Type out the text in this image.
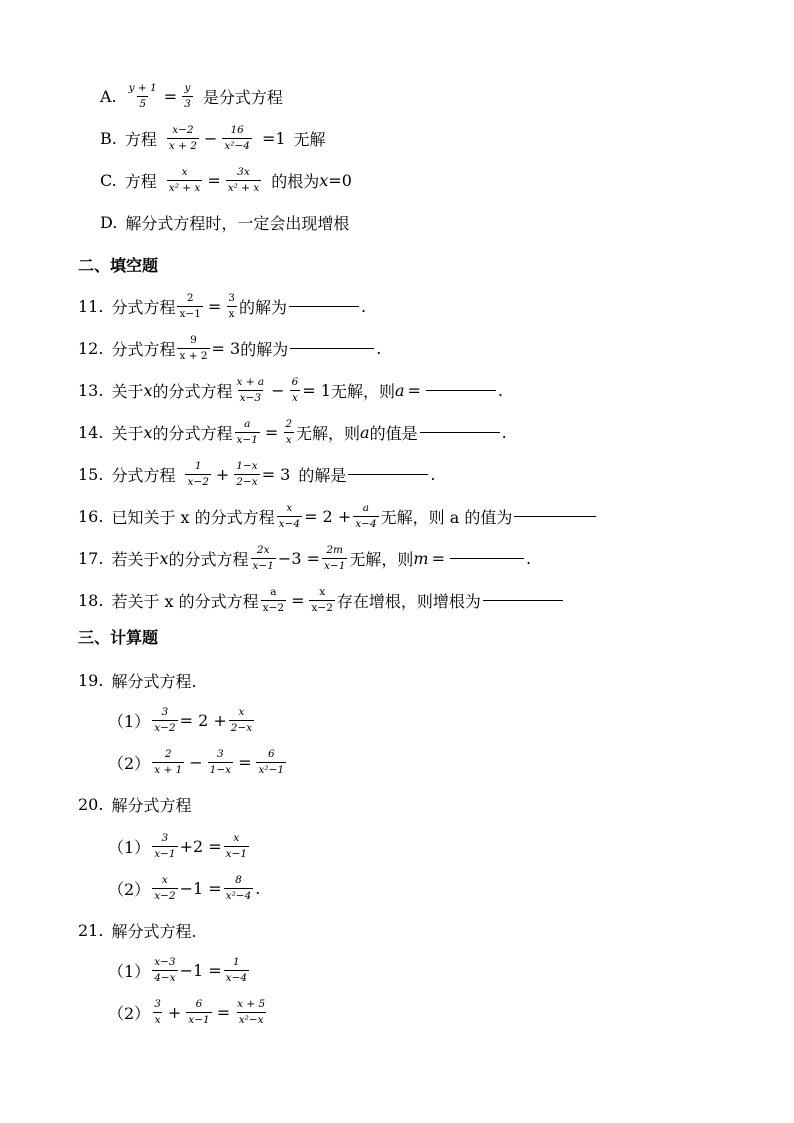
A. $\frac{y + 1}{5} = \frac{y}{3}$ 是分式方程
B. 方程 $\frac{x-2}{x + 2} - \frac{16}{\text{x²−4}} =1$ 无解
C. 方程 $\frac{x}{\text{x² + x}} = \frac{3x}{\text{x² + x}}$ 的根为 x =0
D. 解分式方程时，一定会出现增根
二、填空题
11. 分式方程 $\frac{2}{x-1} = \frac{3}{x}$ 的解为	.
12. 分式方程 $\frac{9}{x + 2} = 3$ 的解为	.
13. 关于 x 的分式方程 $\frac{x + a}{x-3} - \frac{6}{x} = 1$ 无解，则 a =	.
14. 关于 x 的分式方程 $\frac{a}{x-1} = \frac{2}{x}$ 无解，则 a 的值是	.
15. 分式方程 $\frac{1}{x-2} + \frac{1-x}{2-x} = 3$ 的解是	.
16. 已知关于 x 的分式方程 $\frac{x}{x-4} = 2 + \frac{a}{x-4}$ 无解，则 a 的值为
17. 若关于 x 的分式方程 $\frac{2x}{x-1} -3 = \frac{2m}{x-1}$ 无解，则 m =	.
18. 若关于 x 的分式方程 $\frac{a}{x-2} = \frac{x}{x-2}$ 存在增根，则增根为
三、计算题
19. 解分式方程.
$(1) \frac{3}{x-2} = 2 + \frac{x}{2-x}$
$(2) \frac{2}{x + 1} - \frac{3}{1-x} = \frac{6}{\text{x²−1}}$
20. 解分式方程
$(1) \frac{3}{x-1} +2 = \frac{x}{x-1}$
$(2) \frac{x}{x-2} -1 = \frac{8}{\text{x²−4}}$ .
21. 解分式方程.
$(1) \frac{x-3}{4-x} -1 = \frac{1}{x-4}$
$(2) \frac{3}{x} + \frac{6}{x-1} = \frac{x + 5}{\text{x²−x}}$
